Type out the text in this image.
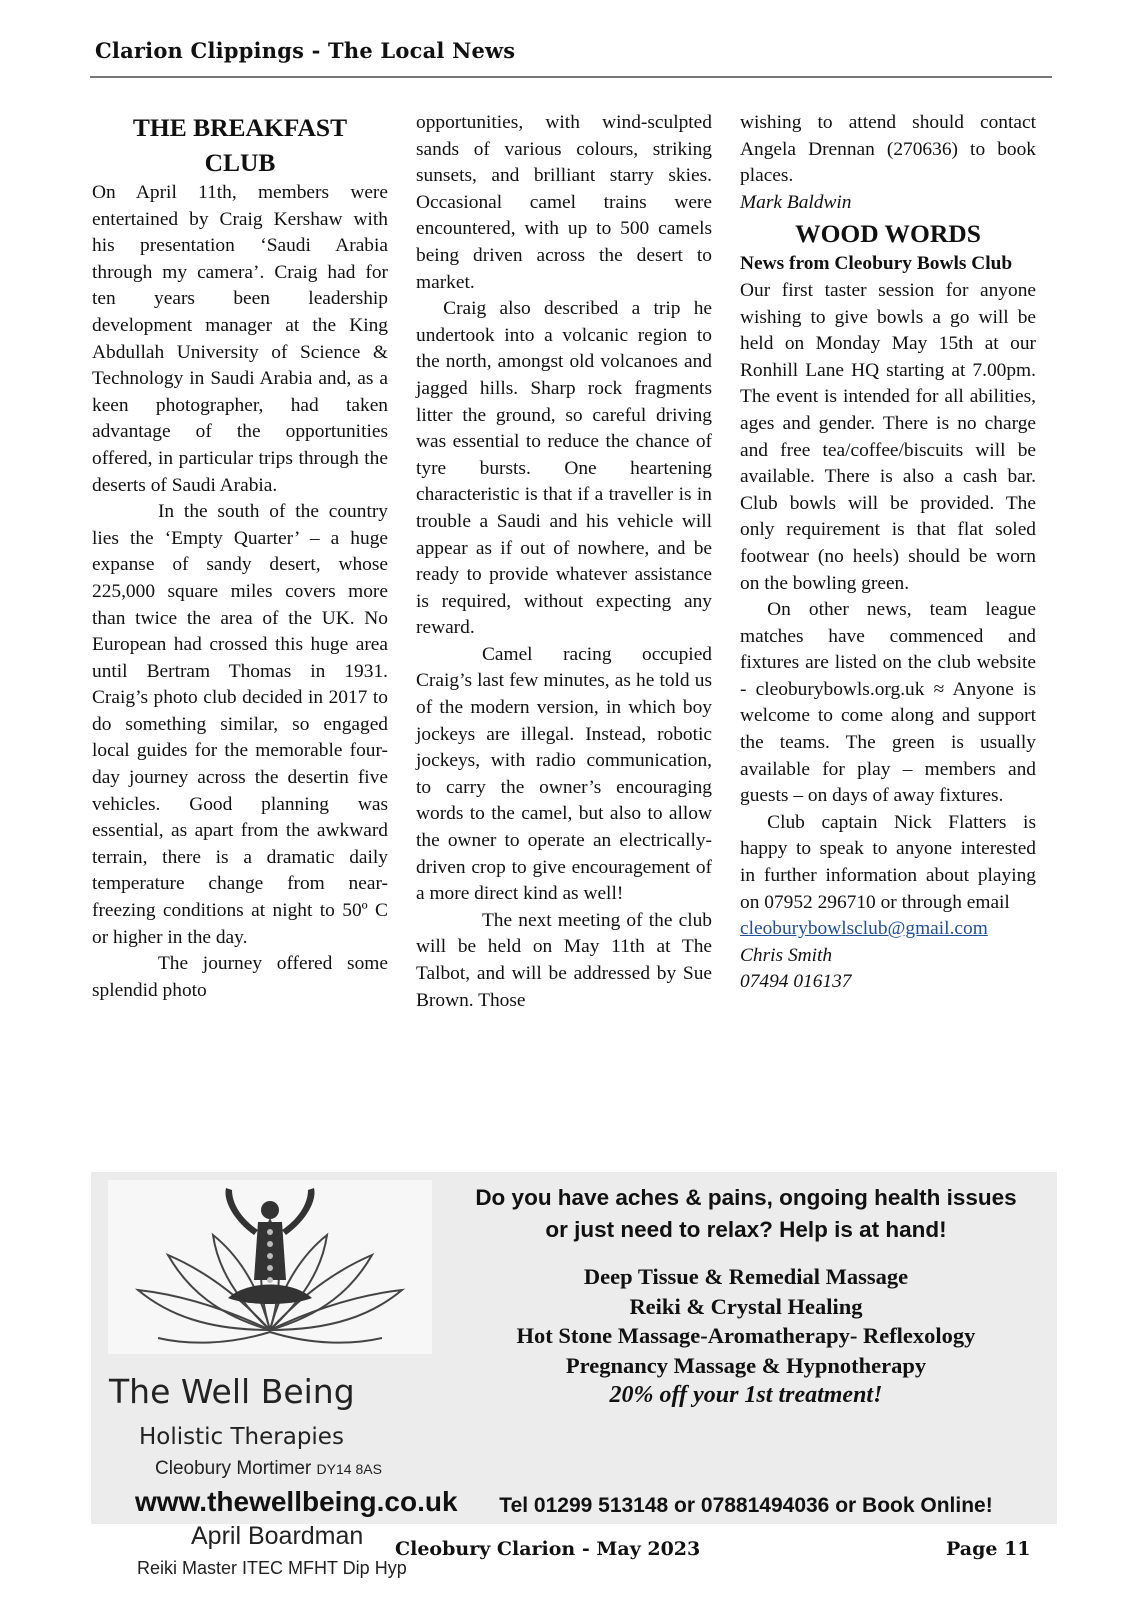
Clarion Clippings - The Local News
THE BREAKFAST CLUB

On April 11th, members were entertained by Craig Kershaw with his presentation ‘Saudi Arabia through my camera’. Craig had for ten years been leadership development manager at the King Abdullah University of Science & Technology in Saudi Arabia and, as a keen photographer, had taken advantage of the opportunities offered, in particular trips through the deserts of Saudi Arabia.

In the south of the country lies the ‘Empty Quarter’ – a huge expanse of sandy desert, whose 225,000 square miles covers more than twice the area of the UK. No European had crossed this huge area until Bertram Thomas in 1931. Craig’s photo club decided in 2017 to do something similar, so engaged local guides for the memorable four-day journey across the desertin five vehicles. Good planning was essential, as apart from the awkward terrain, there is a dramatic daily temperature change from near-freezing conditions at night to 50º C or higher in the day.

The journey offered some splendid photo

opportunities, with wind-sculpted sands of various colours, striking sunsets, and brilliant starry skies. Occasional camel trains were encountered, with up to 500 camels being driven across the desert to market.

Craig also described a trip he undertook into a volcanic region to the north, amongst old volcanoes and jagged hills. Sharp rock fragments litter the ground, so careful driving was essential to reduce the chance of tyre bursts. One heartening characteristic is that if a traveller is in trouble a Saudi and his vehicle will appear as if out of nowhere, and be ready to provide whatever assistance is required, without expecting any reward.

Camel racing occupied Craig’s last few minutes, as he told us of the modern version, in which boy jockeys are illegal. Instead, robotic jockeys, with radio communication, to carry the owner’s encouraging words to the camel, but also to allow the owner to operate an electrically-driven crop to give encouragement of a more direct kind as well!

The next meeting of the club will be held on May 11th at The Talbot, and will be addressed by Sue Brown. Those

wishing to attend should contact Angela Drennan (270636) to book places.

Mark Baldwin

WOOD WORDS

News from Cleobury Bowls Club

Our first taster session for anyone wishing to give bowls a go will be held on Monday May 15th at our Ronhill Lane HQ starting at 7.00pm. The event is intended for all abilities, ages and gender. There is no charge and free tea/coffee/biscuits will be available. There is also a cash bar. Club bowls will be provided. The only requirement is that flat soled footwear (no heels) should be worn on the bowling green.

On other news, team league matches have commenced and fixtures are listed on the club website - cleoburybowls.org.uk ≈ Anyone is welcome to come along and support the teams. The green is usually available for play – members and guests – on days of away fixtures.

Club captain Nick Flatters is happy to speak to anyone interested in further information about playing on 07952 296710 or through email

cleoburybowlsclub@gmail.com

Chris Smith

07494 016137

The Well Being
Holistic Therapies
Cleobury Mortimer DY14 8AS
www.thewellbeing.co.uk
April Boardman
Reiki Master ITEC MFHT Dip Hyp
Do you have aches & pains, ongoing health issues or just need to relax? Help is at hand!
Deep Tissue & Remedial Massage
Reiki & Crystal Healing
Hot Stone Massage-Aromatherapy- Reflexology
Pregnancy Massage & Hypnotherapy
20% off your 1st treatment!
Tel 01299 513148 or 07881494036 or Book Online!
Cleobury Clarion - May 2023	Page 11
